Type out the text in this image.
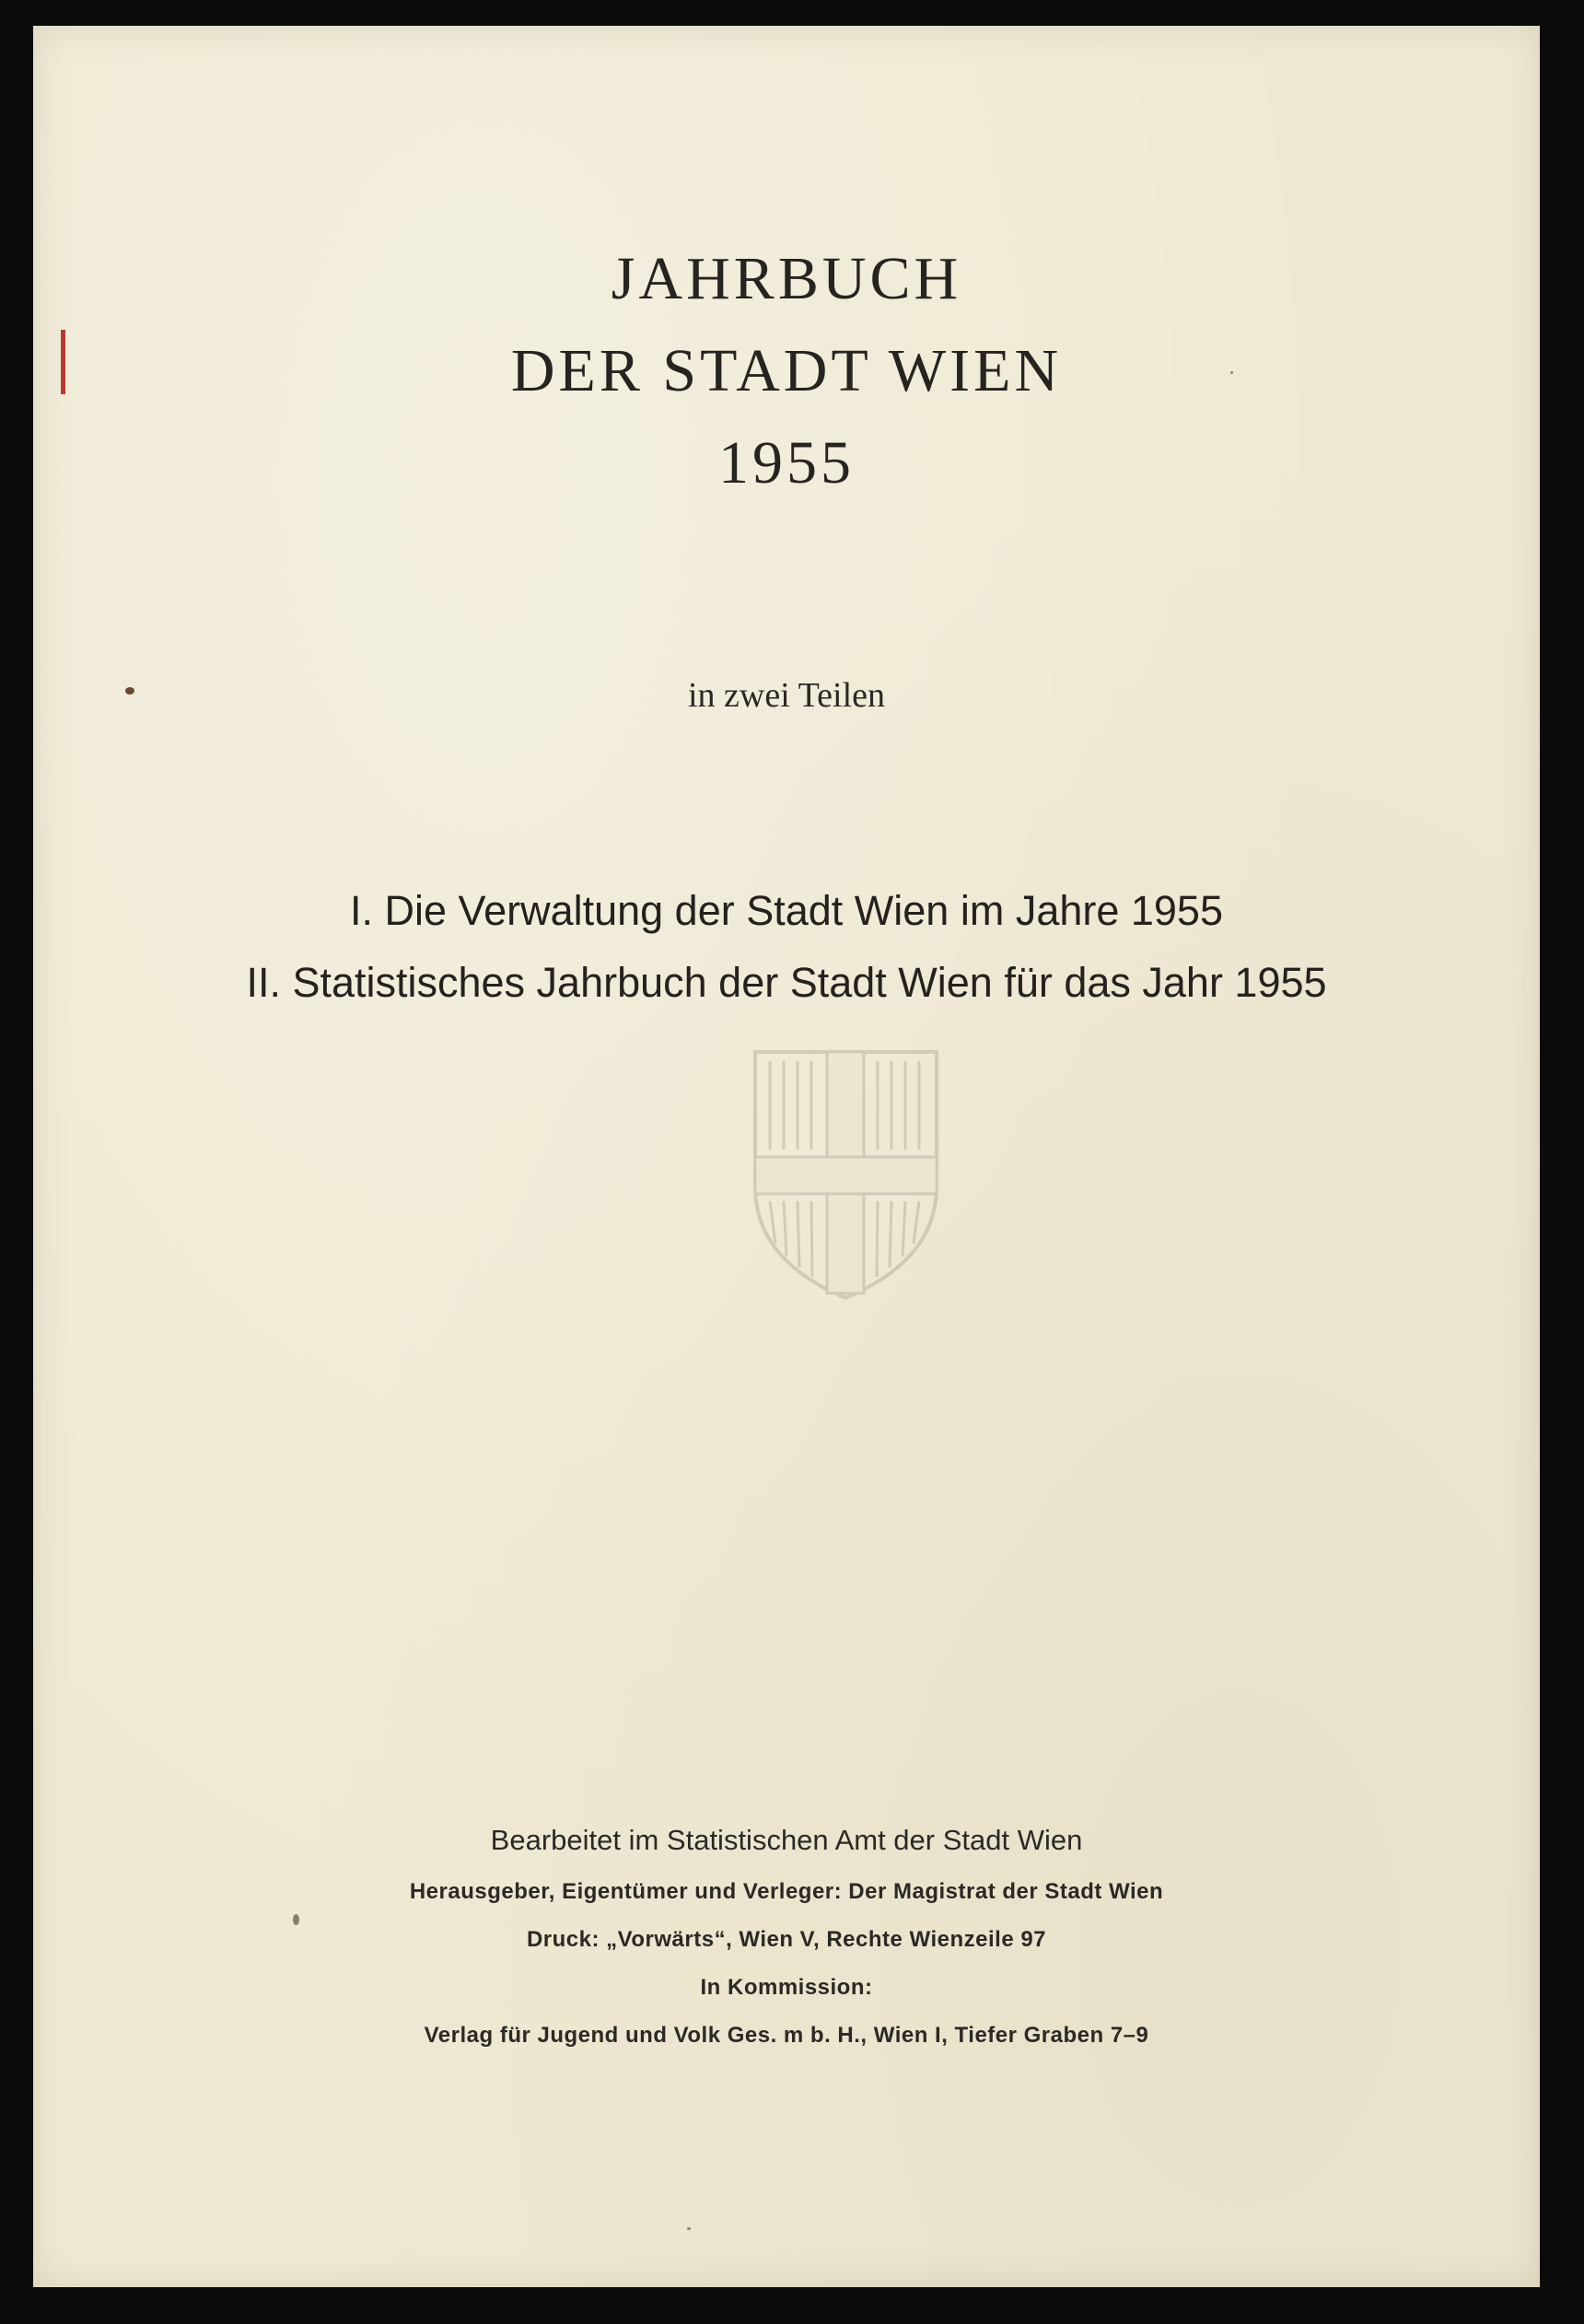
JAHRBUCH
DER STADT WIEN
1955
in zwei Teilen
I. Die Verwaltung der Stadt Wien im Jahre 1955
II. Statistisches Jahrbuch der Stadt Wien für das Jahr 1955
Bearbeitet im Statistischen Amt der Stadt Wien
Herausgeber, Eigentümer und Verleger: Der Magistrat der Stadt Wien
Druck: „Vorwärts“, Wien V, Rechte Wienzeile 97
In Kommission:
Verlag für Jugend und Volk Ges. m b. H., Wien I, Tiefer Graben 7–9
